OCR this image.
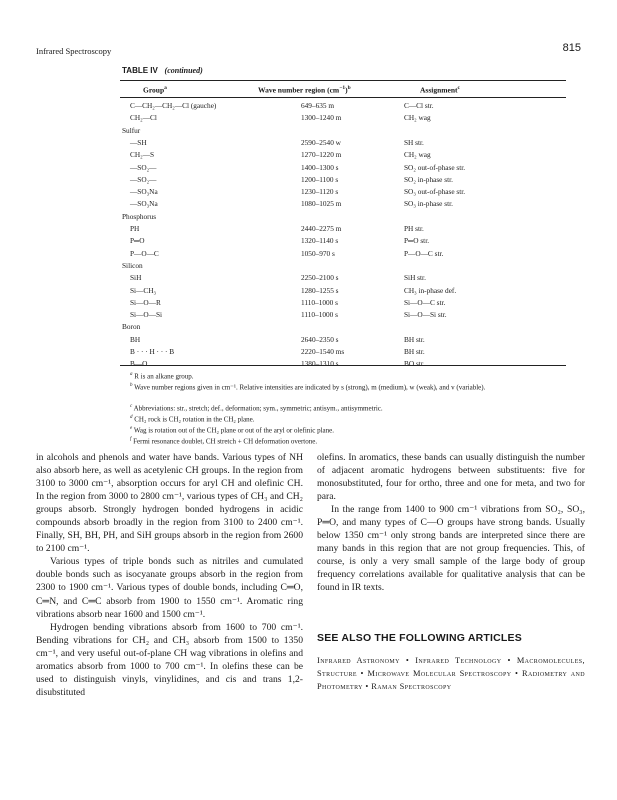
Infrared Spectroscopy	815
TABLE IV (continued)
Group$^a$	Wave number region $(cm^{-1})^b$	Assignment$^c$
C—CH₂—CH₂—Cl (gauche)	649–635 m	C—Cl str.
CH₂—Cl	1300–1240 m	CH₂ wag
Sulfur
—SH	2590–2540 w	SH str.
CH₂—S	1270–1220 m	CH₂ wag
—SO₂—	1400–1300 s	SO₂ out-of-phase str.
—SO₂—	1200–1100 s	SO₂ in-phase str.
—SO₃Na	1230–1120 s	SO₃ out-of-phase str.
—SO₃Na	1080–1025 m	SO₃ in-phase str.
Phosphorus
PH	2440–2275 m	PH str.
P═O	1320–1140 s	P═O str.
P—O—C	1050–970 s	P—O—C str.
Silicon
SiH	2250–2100 s	SiH str.
Si—CH₃	1280–1255 s	CH₃ in-phase def.
Si—O—R	1110–1000 s	Si—O—C str.
Si—O—Si	1110–1000 s	Si—O—Si str.
Boron
BH	2640–2350 s	BH str.
B · · · H · · · B	2220–1540 ms	BH str.
B—O	1380–1310 s	BO str.
$^a$ R is an alkane group.
$^b$ Wave number regions given in cm⁻¹. Relative intensities are indicated by s (strong), m (medium), w (weak), and v (variable).
$^c$ Abbreviations: str., stretch; def., deformation; sym., symmetric; antisym., antisymmetric.
$^d$ CH₂ rock is CH₂ rotation in the CH₂ plane.
$^e$ Wag is rotation out of the CH₂ plane or out of the aryl or olefinic plane.
$^f$ Fermi resonance doublet, CH stretch + CH deformation overtone.

in alcohols and phenols and water have bands. Various types of NH also absorb here, as well as acetylenic CH groups. In the region from 3100 to 3000 cm⁻¹, absorption occurs for aryl CH and olefinic CH. In the region from 3000 to 2800 cm⁻¹, various types of CH₃ and CH₂ groups absorb. Strongly hydrogen bonded hydrogens in acidic compounds absorb broadly in the region from 3100 to 2400 cm⁻¹. Finally, SH, BH, PH, and SiH groups absorb in the region from 2600 to 2100 cm⁻¹.

Various types of triple bonds such as nitriles and cumulated double bonds such as isocyanate groups absorb in the region from 2300 to 1900 cm⁻¹. Various types of double bonds, including C═O, C═N, and C═C absorb from 1900 to 1550 cm⁻¹. Aromatic ring vibrations absorb near 1600 and 1500 cm⁻¹.

Hydrogen bending vibrations absorb from 1600 to 700 cm⁻¹. Bending vibrations for CH₂ and CH₃ absorb from 1500 to 1350 cm⁻¹, and very useful out-of-plane CH wag vibrations in olefins and aromatics absorb from 1000 to 700 cm⁻¹. In olefins these can be used to distinguish vinyls, vinylidines, and cis and trans 1,2-disubstituted

olefins. In aromatics, these bands can usually distinguish the number of adjacent aromatic hydrogens between substituents: five for monosubstituted, four for ortho, three and one for meta, and two for para.

In the range from 1400 to 900 cm⁻¹ vibrations from SO₂, SO₃, P═O, and many types of C—O groups have strong bands. Usually below 1350 cm⁻¹ only strong bands are interpreted since there are many bands in this region that are not group frequencies. This, of course, is only a very small sample of the large body of group frequency correlations available for qualitative analysis that can be found in IR texts.

SEE ALSO THE FOLLOWING ARTICLES
Infrared Astronomy • Infrared Technology • Macromolecules, Structure • Microwave Molecular Spectroscopy • Radiometry and Photometry • Raman Spectroscopy
